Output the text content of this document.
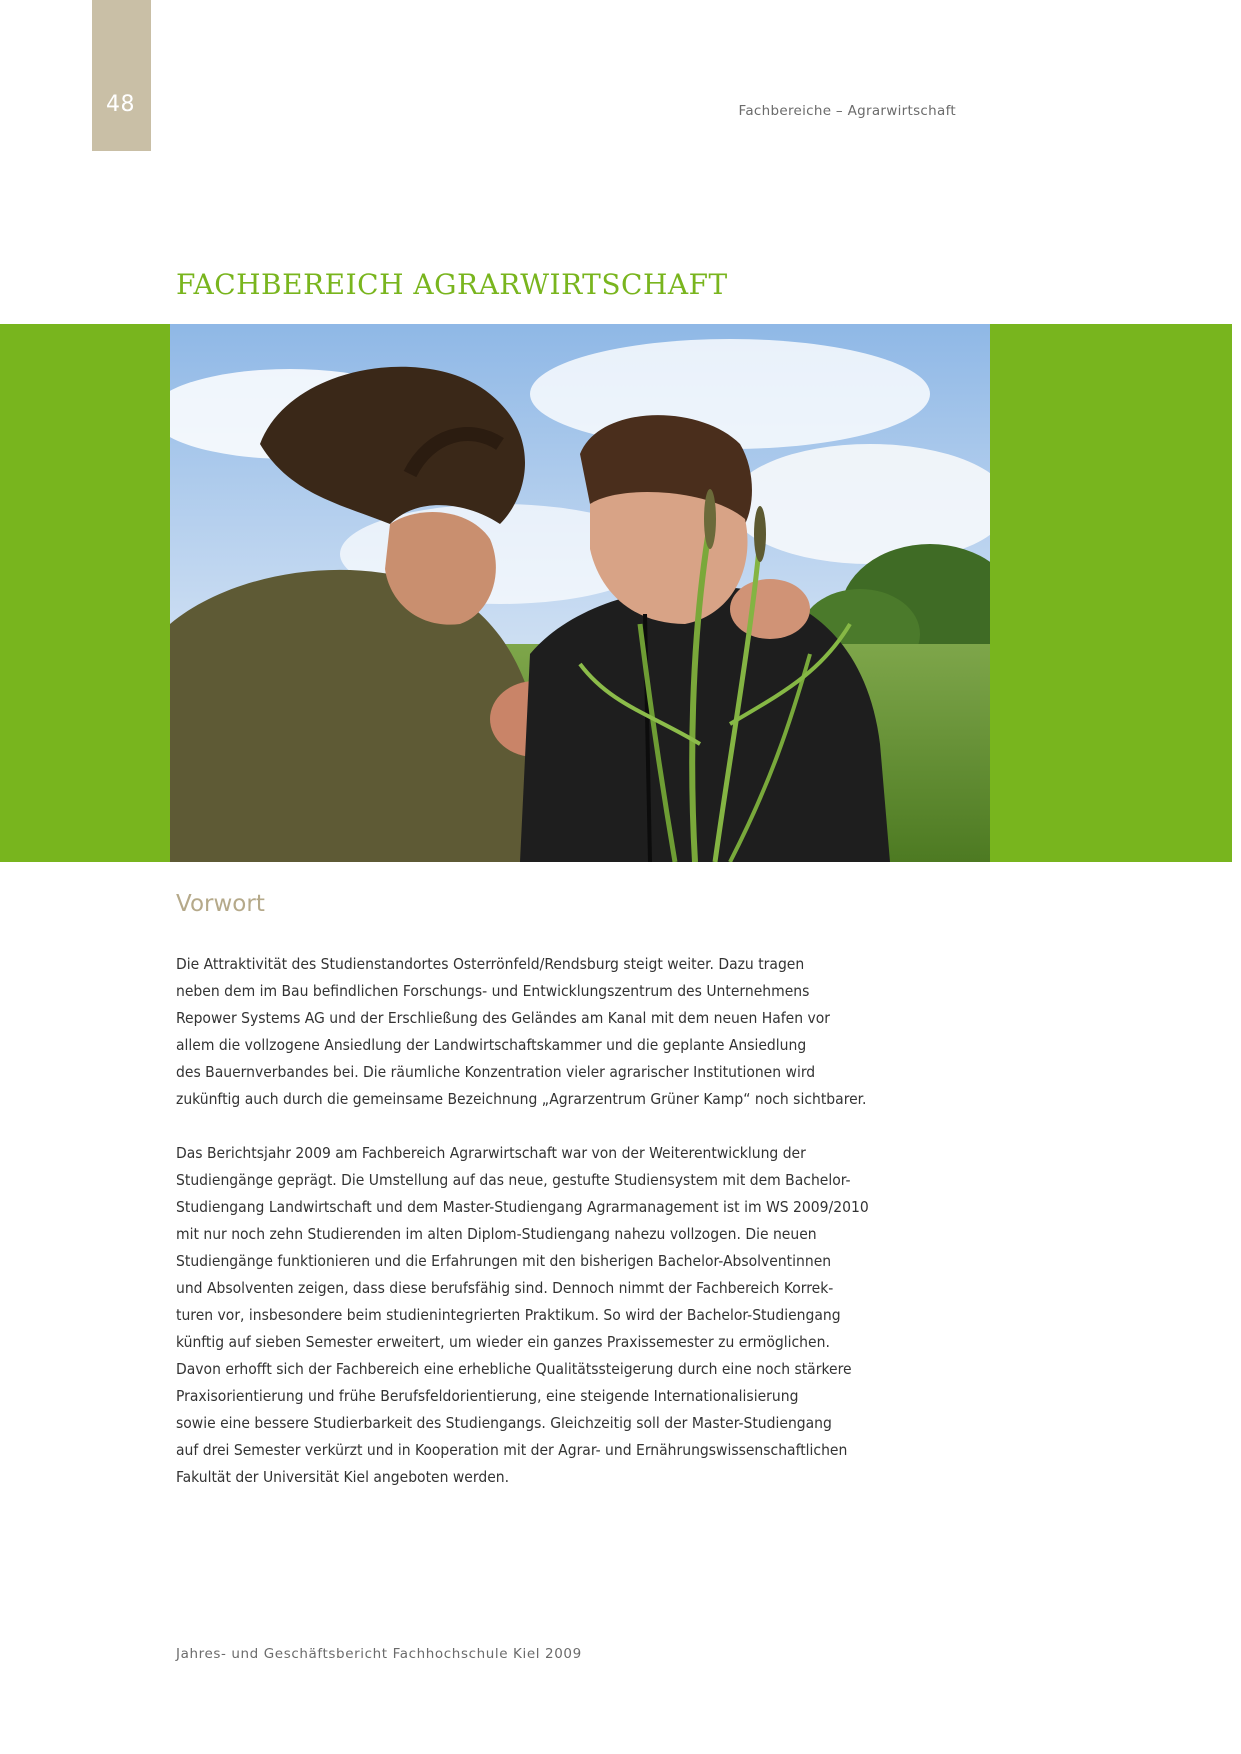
48	Fachbereiche – Agrarwirtschaft

FACHBEREICH AGRARWIRTSCHAFT
Vorwort

Die Attraktivität des Studienstandortes Osterrönfeld/Rendsburg steigt weiter. Dazu tragen
neben dem im Bau befindlichen Forschungs- und Entwicklungszentrum des Unternehmens
Repower Systems AG und der Erschließung des Geländes am Kanal mit dem neuen Hafen vor
allem die vollzogene Ansiedlung der Landwirtschaftskammer und die geplante Ansiedlung
des Bauernverbandes bei. Die räumliche Konzentration vieler agrarischer Institutionen wird
zukünftig auch durch die gemeinsame Bezeichnung „Agrarzentrum Grüner Kamp“ noch sichtbarer.

Das Berichtsjahr 2009 am Fachbereich Agrarwirtschaft war von der Weiterentwicklung der
Studiengänge geprägt. Die Umstellung auf das neue, gestufte Studiensystem mit dem Bachelor-
Studiengang Landwirtschaft und dem Master-Studiengang Agrarmanagement ist im WS 2009/2010
mit nur noch zehn Studierenden im alten Diplom-Studiengang nahezu vollzogen. Die neuen
Studiengänge funktionieren und die Erfahrungen mit den bisherigen Bachelor-Absolventinnen
und Absolventen zeigen, dass diese berufsfähig sind. Dennoch nimmt der Fachbereich Korrek-
turen vor, insbesondere beim studienintegrierten Praktikum. So wird der Bachelor-Studiengang
künftig auf sieben Semester erweitert, um wieder ein ganzes Praxissemester zu ermöglichen.
Davon erhofft sich der Fachbereich eine erhebliche Qualitätssteigerung durch eine noch stärkere
Praxisorientierung und frühe Berufsfeldorientierung, eine steigende Internationalisierung
sowie eine bessere Studierbarkeit des Studiengangs. Gleichzeitig soll der Master-Studiengang
auf drei Semester verkürzt und in Kooperation mit der Agrar- und Ernährungswissenschaftlichen
Fakultät der Universität Kiel angeboten werden.

Jahres- und Geschäftsbericht Fachhochschule Kiel 2009
